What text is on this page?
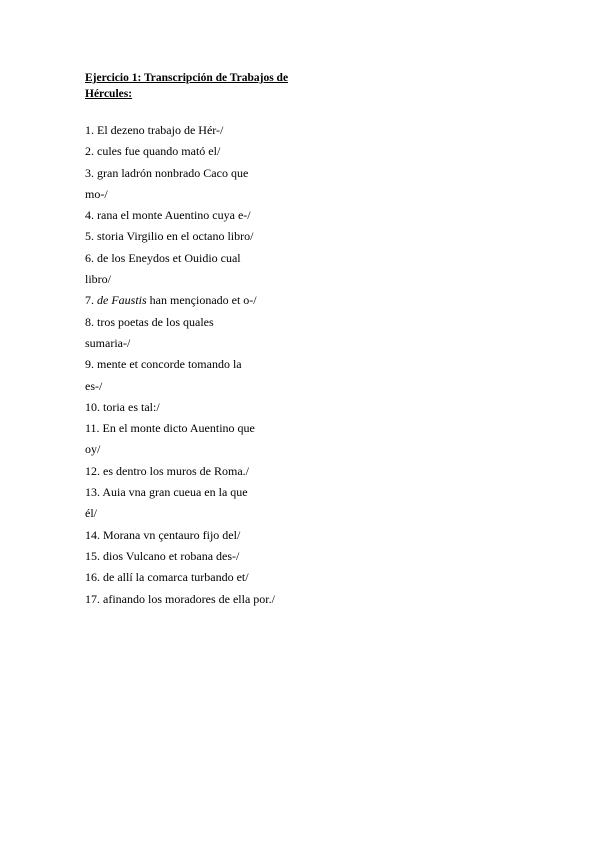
Ejercicio 1: Transcripción de Trabajos de Hércules:

1. El dezeno trabajo de Hér-/
2. cules fue quando mató el/
3. gran ladrón nonbrado Caco que
mo-/
4. rana el monte Auentino cuya e-/
5. storia Virgilio en el octano libro/
6. de los Eneydos et Ouidio cual
libro/
7. de Faustis han mençionado et o-/
8. tros poetas de los quales
sumaria-/
9. mente et concorde tomando la
es-/
10. toria es tal:/
11. En el monte dicto Auentino que
oy/
12. es dentro los muros de Roma./
13. Auia vna gran cueua en la que
él/
14. Morana vn çentauro fijo del/
15. dios Vulcano et robana des-/
16. de allí la comarca turbando et/
17. afinando los moradores de ella por./
